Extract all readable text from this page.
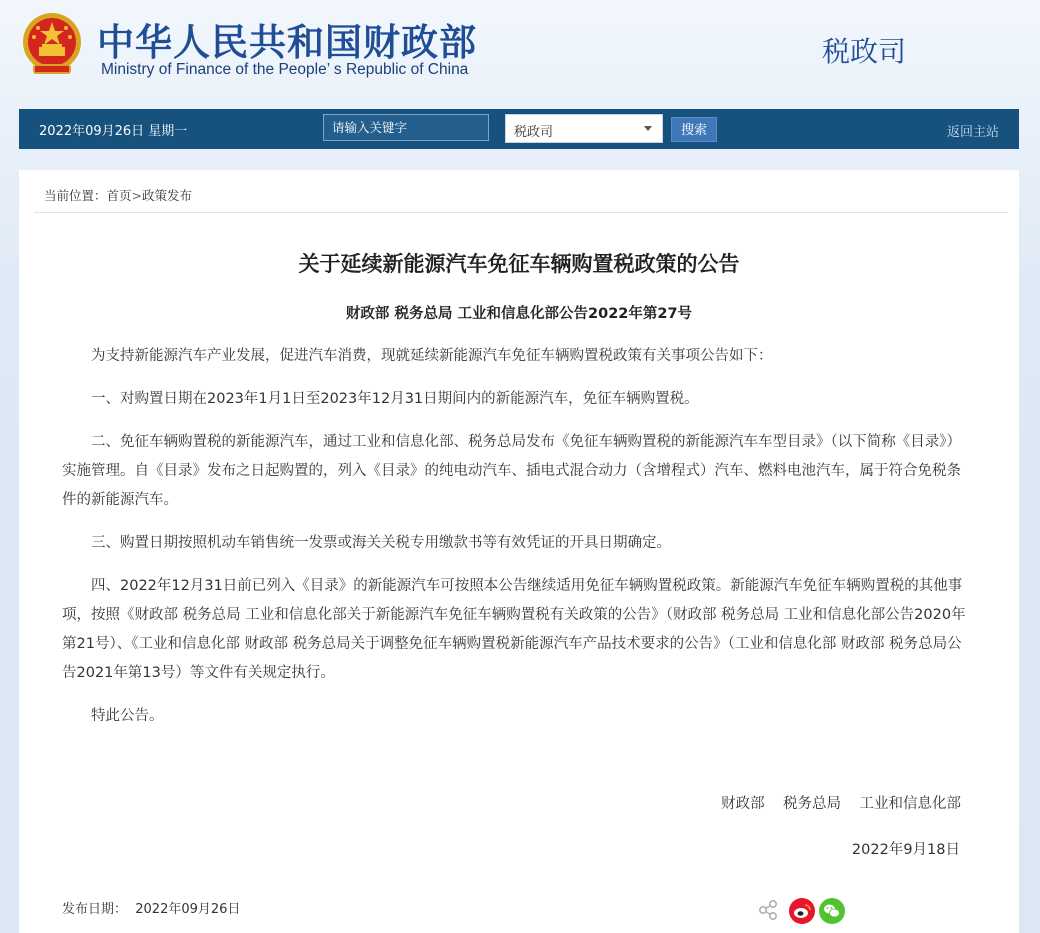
中华人民共和国财政部
Ministry of Finance of the People’ s Republic of China
税政司
2022年09月26日 星期一
请输入关键字	税政司	搜索	返回主站
当前位置：首页>政策发布
关于延续新能源汽车免征车辆购置税政策的公告
财政部 税务总局 工业和信息化部公告2022年第27号

为支持新能源汽车产业发展，促进汽车消费，现就延续新能源汽车免征车辆购置税政策有关事项公告如下：

一、对购置日期在2023年1月1日至2023年12月31日期间内的新能源汽车，免征车辆购置税。

二、免征车辆购置税的新能源汽车，通过工业和信息化部、税务总局发布《免征车辆购置税的新能源汽车车型目录》（以下简称《目录》）实施管理。自《目录》发布之日起购置的，列入《目录》的纯电动汽车、插电式混合动力（含增程式）汽车、燃料电池汽车，属于符合免税条件的新能源汽车。

三、购置日期按照机动车销售统一发票或海关关税专用缴款书等有效凭证的开具日期确定。

四、2022年12月31日前已列入《目录》的新能源汽车可按照本公告继续适用免征车辆购置税政策。新能源汽车免征车辆购置税的其他事项，按照《财政部 税务总局 工业和信息化部关于新能源汽车免征车辆购置税有关政策的公告》（财政部 税务总局 工业和信息化部公告2020年第21号）、《工业和信息化部 财政部 税务总局关于调整免征车辆购置税新能源汽车产品技术要求的公告》（工业和信息化部 财政部 税务总局公告2021年第13号）等文件有关规定执行。

特此公告。

财政部    税务总局    工业和信息化部
2022年9月18日
发布日期：  2022年09月26日
